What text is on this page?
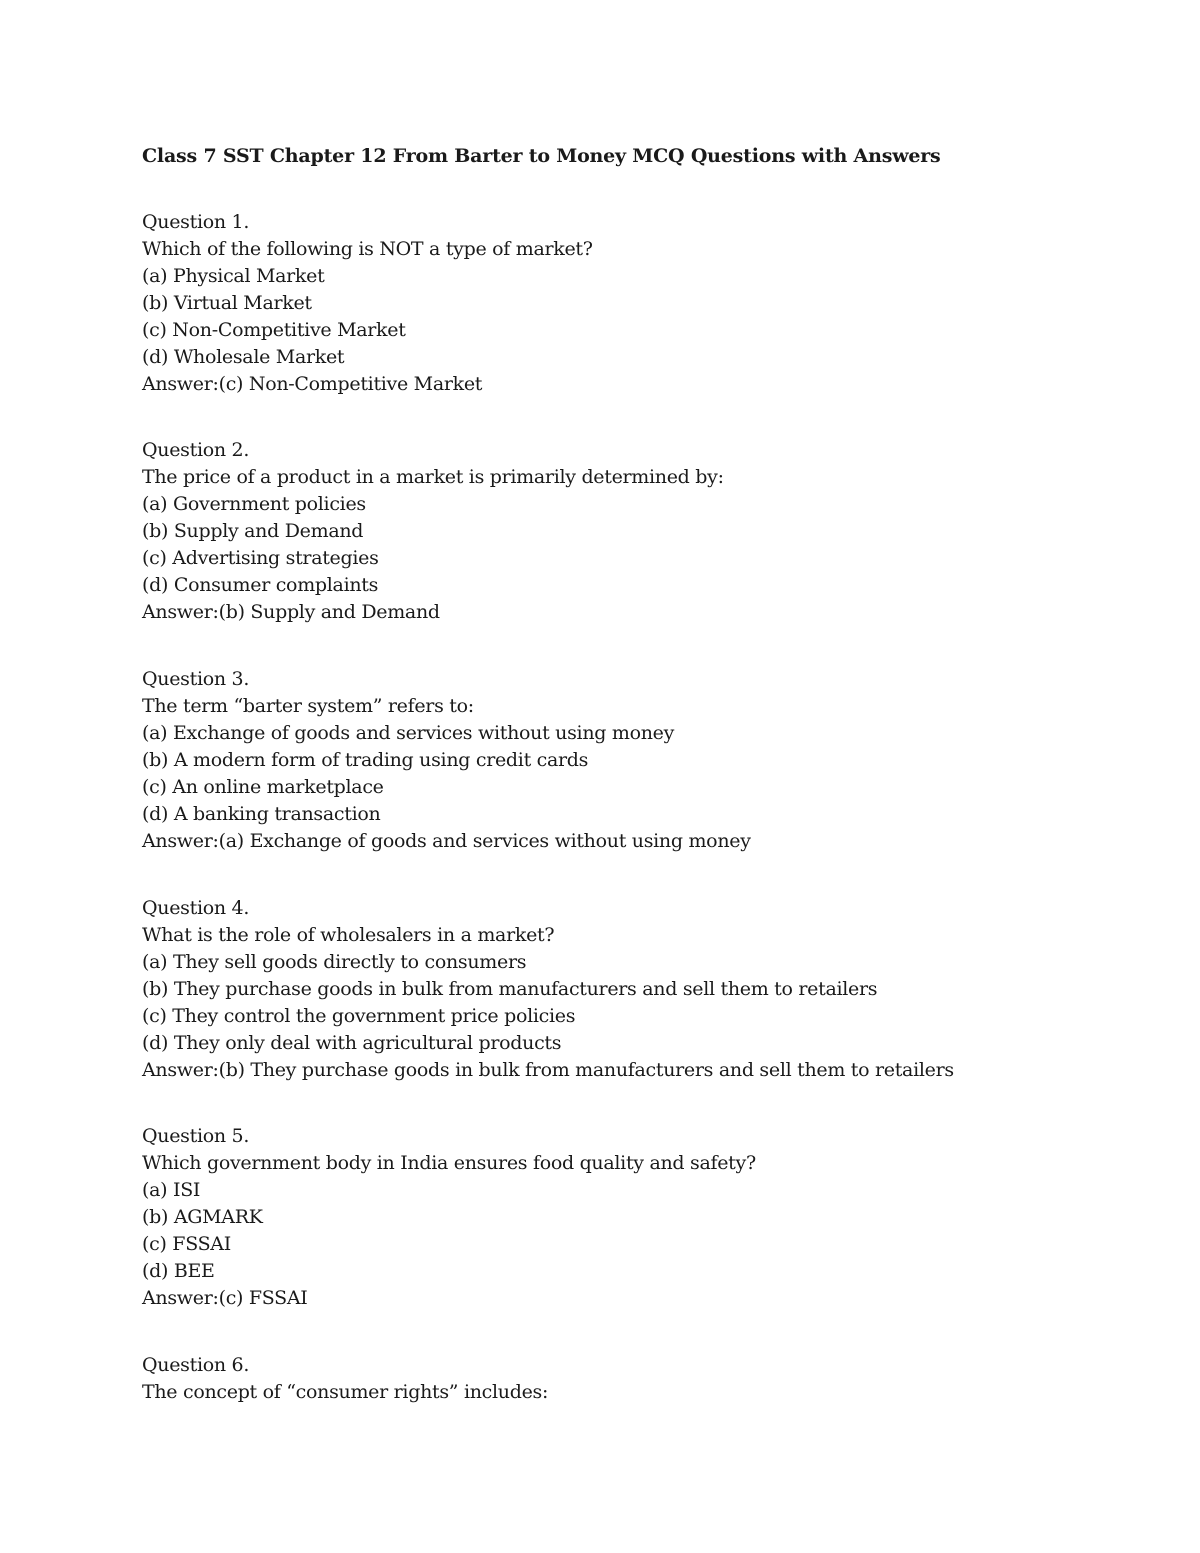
Class 7 SST Chapter 12 From Barter to Money MCQ Questions with Answers
Question 1.
Which of the following is NOT a type of market?
(a) Physical Market
(b) Virtual Market
(c) Non-Competitive Market
(d) Wholesale Market
Answer:(c) Non-Competitive Market
Question 2.
The price of a product in a market is primarily determined by:
(a) Government policies
(b) Supply and Demand
(c) Advertising strategies
(d) Consumer complaints
Answer:(b) Supply and Demand
Question 3.
The term “barter system” refers to:
(a) Exchange of goods and services without using money
(b) A modern form of trading using credit cards
(c) An online marketplace
(d) A banking transaction
Answer:(a) Exchange of goods and services without using money
Question 4.
What is the role of wholesalers in a market?
(a) They sell goods directly to consumers
(b) They purchase goods in bulk from manufacturers and sell them to retailers
(c) They control the government price policies
(d) They only deal with agricultural products
Answer:(b) They purchase goods in bulk from manufacturers and sell them to retailers
Question 5.
Which government body in India ensures food quality and safety?
(a) ISI
(b) AGMARK
(c) FSSAI
(d) BEE
Answer:(c) FSSAI
Question 6.
The concept of “consumer rights” includes:
